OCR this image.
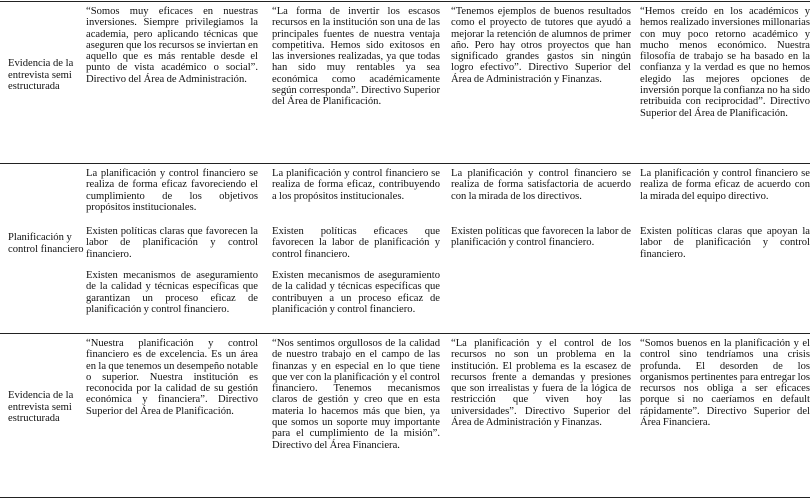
Evidencia de la entrevista semi estructurada

“Somos muy eficaces en nuestras inversiones. Siempre privilegiamos la academia, pero aplicando técnicas que aseguren que los recursos se inviertan en aquello que es más rentable desde el punto de vista académico o social”. Directivo del Área de Administración.

“La forma de invertir los escasos recursos en la institución son una de las principales fuentes de nuestra ventaja competitiva. Hemos sido exitosos en las inversiones realizadas, ya que todas han sido muy rentables ya sea económica como académicamente según corresponda”. Directivo Superior del Área de Planificación.

“Tenemos ejemplos de buenos resultados como el proyecto de tutores que ayudó a mejorar la retención de alumnos de primer año. Pero hay otros proyectos que han significado grandes gastos sin ningún logro efectivo”. Directivo Superior del Área de Administración y Finanzas.

“Hemos creído en los académicos y hemos realizado inversiones millonarias con muy poco retorno académico y mucho menos económico. Nuestra filosofía de trabajo se ha basado en la confianza y la verdad es que no hemos elegido las mejores opciones de inversión porque la confianza no ha sido retribuida con reciprocidad”. Directivo Superior del Área de Planificación.

Planificación y control financiero

La planificación y control financiero se realiza de forma eficaz favoreciendo el cumplimiento de los objetivos propósitos institucionales.

Existen políticas claras que favorecen la labor de planificación y control financiero.

Existen mecanismos de aseguramiento de la calidad y técnicas específicas que garantizan un proceso eficaz de planificación y control financiero.

La planificación y control financiero se realiza de forma eficaz, contribuyendo a los propósitos institucionales.

Existen políticas eficaces que favorecen la labor de planificación y control financiero.

Existen mecanismos de aseguramiento de la calidad y técnicas específicas que contribuyen a un proceso eficaz de planificación y control financiero.

La planificación y control financiero se realiza de forma satisfactoria de acuerdo con la mirada de los directivos.

Existen políticas que favorecen la labor de planificación y control financiero.

La planificación y control financiero se realiza de forma eficaz de acuerdo con la mirada del equipo directivo.

Existen políticas claras que apoyan la labor de planificación y control financiero.

Evidencia de la entrevista semi estructurada

“Nuestra planificación y control financiero es de excelencia. Es un área en la que tenemos un desempeño notable o superior. Nuestra institución es reconocida por la calidad de su gestión económica y financiera”. Directivo Superior del Área de Planificación.

“Nos sentimos orgullosos de la calidad de nuestro trabajo en el campo de las finanzas y en especial en lo que tiene que ver con la planificación y el control financiero. Tenemos mecanismos claros de gestión y creo que en esta materia lo hacemos más que bien, ya que somos un soporte muy importante para el cumplimiento de la misión”. Directivo del Área Financiera.

“La planificación y el control de los recursos no son un problema en la institución. El problema es la escasez de recursos frente a demandas y presiones que son irrealistas y fuera de la lógica de restricción que viven hoy las universidades”. Directivo Superior del Área de Administración y Finanzas.

“Somos buenos en la planificación y el control sino tendríamos una crisis profunda. El desorden de los organismos pertinentes para entregar los recursos nos obliga a ser eficaces porque si no caeríamos en default rápidamente”. Directivo Superior del Área Financiera.
